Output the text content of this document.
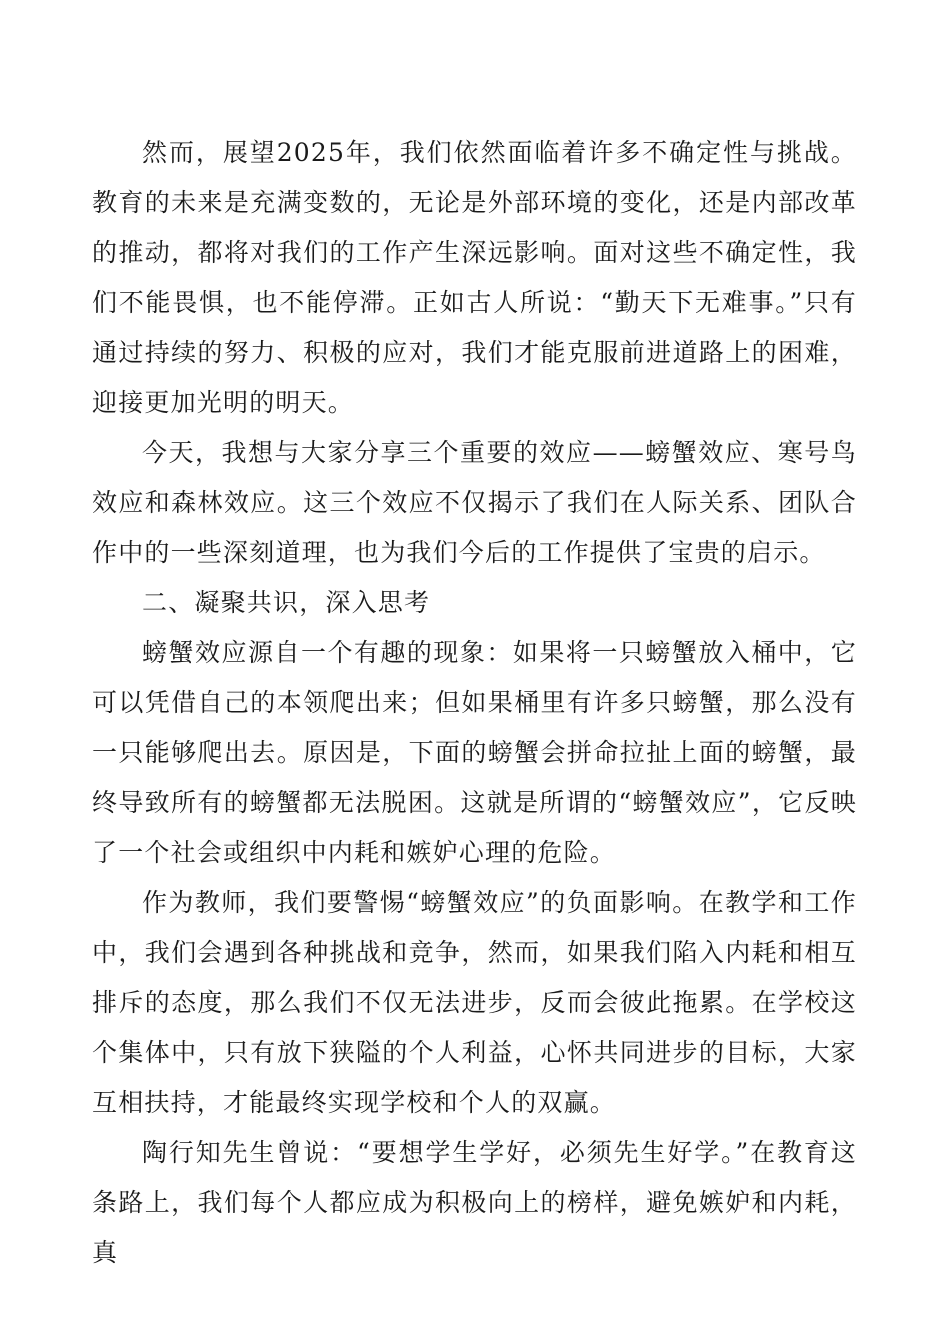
然而，展望2025年，我们依然面临着许多不确定性与挑战。教育的未来是充满变数的，无论是外部环境的变化，还是内部改革的推动，都将对我们的工作产生深远影响。面对这些不确定性，我们不能畏惧，也不能停滞。正如古人所说：“勤天下无难事。”只有通过持续的努力、积极的应对，我们才能克服前进道路上的困难，迎接更加光明的明天。

今天，我想与大家分享三个重要的效应——螃蟹效应、寒号鸟效应和森林效应。这三个效应不仅揭示了我们在人际关系、团队合作中的一些深刻道理，也为我们今后的工作提供了宝贵的启示。

二、凝聚共识，深入思考

螃蟹效应源自一个有趣的现象：如果将一只螃蟹放入桶中，它可以凭借自己的本领爬出来；但如果桶里有许多只螃蟹，那么没有一只能够爬出去。原因是，下面的螃蟹会拼命拉扯上面的螃蟹，最终导致所有的螃蟹都无法脱困。这就是所谓的“螃蟹效应”，它反映了一个社会或组织中内耗和嫉妒心理的危险。

作为教师，我们要警惕“螃蟹效应”的负面影响。在教学和工作中，我们会遇到各种挑战和竞争，然而，如果我们陷入内耗和相互排斥的态度，那么我们不仅无法进步，反而会彼此拖累。在学校这个集体中，只有放下狭隘的个人利益，心怀共同进步的目标，大家互相扶持，才能最终实现学校和个人的双赢。

陶行知先生曾说：“要想学生学好，必须先生好学。”在教育这条路上，我们每个人都应成为积极向上的榜样，避免嫉妒和内耗，真
